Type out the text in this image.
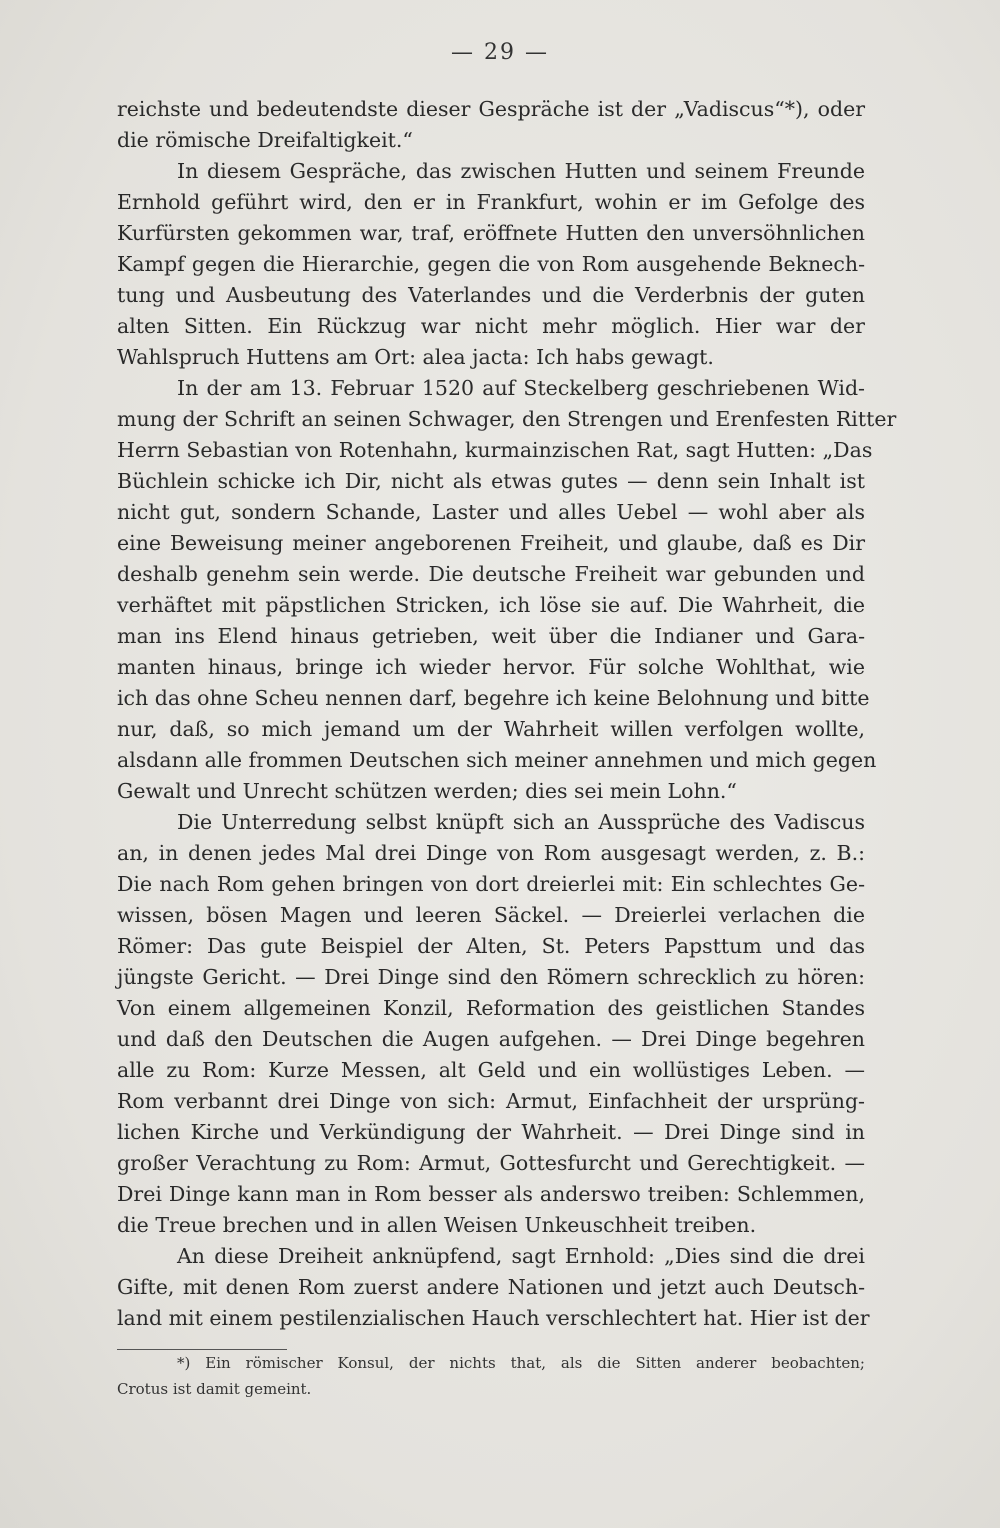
— 29 —
reichste und bedeutendste dieser Gespräche ist der „Vadiscus“*), oder
die römische Dreifaltigkeit.“
In diesem Gespräche, das zwischen Hutten und seinem Freunde
Ernhold geführt wird, den er in Frankfurt, wohin er im Gefolge des
Kurfürsten gekommen war, traf, eröffnete Hutten den unversöhnlichen
Kampf gegen die Hierarchie, gegen die von Rom ausgehende Beknech-
tung und Ausbeutung des Vaterlandes und die Verderbnis der guten
alten Sitten. Ein Rückzug war nicht mehr möglich. Hier war der
Wahlspruch Huttens am Ort: alea jacta: Ich habs gewagt.
In der am 13. Februar 1520 auf Steckelberg geschriebenen Wid-
mung der Schrift an seinen Schwager, den Strengen und Erenfesten Ritter
Herrn Sebastian von Rotenhahn, kurmainzischen Rat, sagt Hutten: „Das
Büchlein schicke ich Dir, nicht als etwas gutes — denn sein Inhalt ist
nicht gut, sondern Schande, Laster und alles Uebel — wohl aber als
eine Beweisung meiner angeborenen Freiheit, und glaube, daß es Dir
deshalb genehm sein werde. Die deutsche Freiheit war gebunden und
verhäftet mit päpstlichen Stricken, ich löse sie auf. Die Wahrheit, die
man ins Elend hinaus getrieben, weit über die Indianer und Gara-
manten hinaus, bringe ich wieder hervor. Für solche Wohlthat, wie
ich das ohne Scheu nennen darf, begehre ich keine Belohnung und bitte
nur, daß, so mich jemand um der Wahrheit willen verfolgen wollte,
alsdann alle frommen Deutschen sich meiner annehmen und mich gegen
Gewalt und Unrecht schützen werden; dies sei mein Lohn.“
Die Unterredung selbst knüpft sich an Aussprüche des Vadiscus
an, in denen jedes Mal drei Dinge von Rom ausgesagt werden, z. B.:
Die nach Rom gehen bringen von dort dreierlei mit: Ein schlechtes Ge-
wissen, bösen Magen und leeren Säckel. — Dreierlei verlachen die
Römer: Das gute Beispiel der Alten, St. Peters Papsttum und das
jüngste Gericht. — Drei Dinge sind den Römern schrecklich zu hören:
Von einem allgemeinen Konzil, Reformation des geistlichen Standes
und daß den Deutschen die Augen aufgehen. — Drei Dinge begehren
alle zu Rom: Kurze Messen, alt Geld und ein wollüstiges Leben. —
Rom verbannt drei Dinge von sich: Armut, Einfachheit der ursprüng-
lichen Kirche und Verkündigung der Wahrheit. — Drei Dinge sind in
großer Verachtung zu Rom: Armut, Gottesfurcht und Gerechtigkeit. —
Drei Dinge kann man in Rom besser als anderswo treiben: Schlemmen,
die Treue brechen und in allen Weisen Unkeuschheit treiben.
An diese Dreiheit anknüpfend, sagt Ernhold: „Dies sind die drei
Gifte, mit denen Rom zuerst andere Nationen und jetzt auch Deutsch-
land mit einem pestilenzialischen Hauch verschlechtert hat. Hier ist der
*) Ein römischer Konsul, der nichts that, als die Sitten anderer beobachten;
Crotus ist damit gemeint.
